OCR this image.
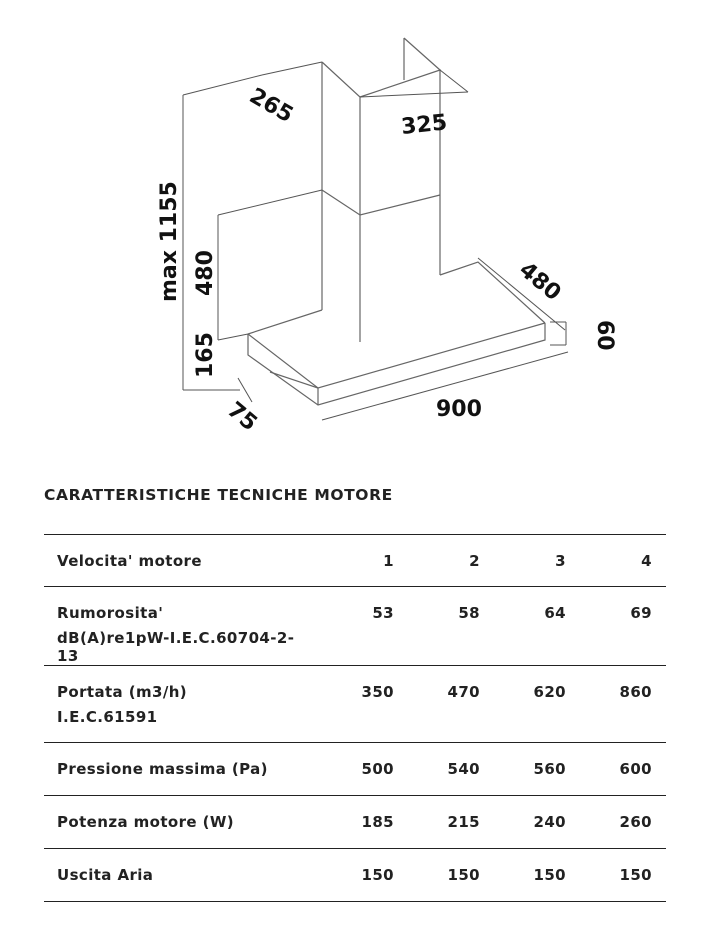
265	325
max 1155 480
165
75
480
60
900
CARATTERISTICHE TECNICHE MOTORE
Velocita' motore	1	2	3	4
Rumorosita'
dB(A)re1pW-I.E.C.60704-2-13	53	58	64	69
Portata (m3/h)
I.E.C.61591	350	470	620	860
Pressione massima (Pa)	500	540	560	600
Potenza motore (W)	185	215	240	260
Uscita Aria	150	150	150	150
